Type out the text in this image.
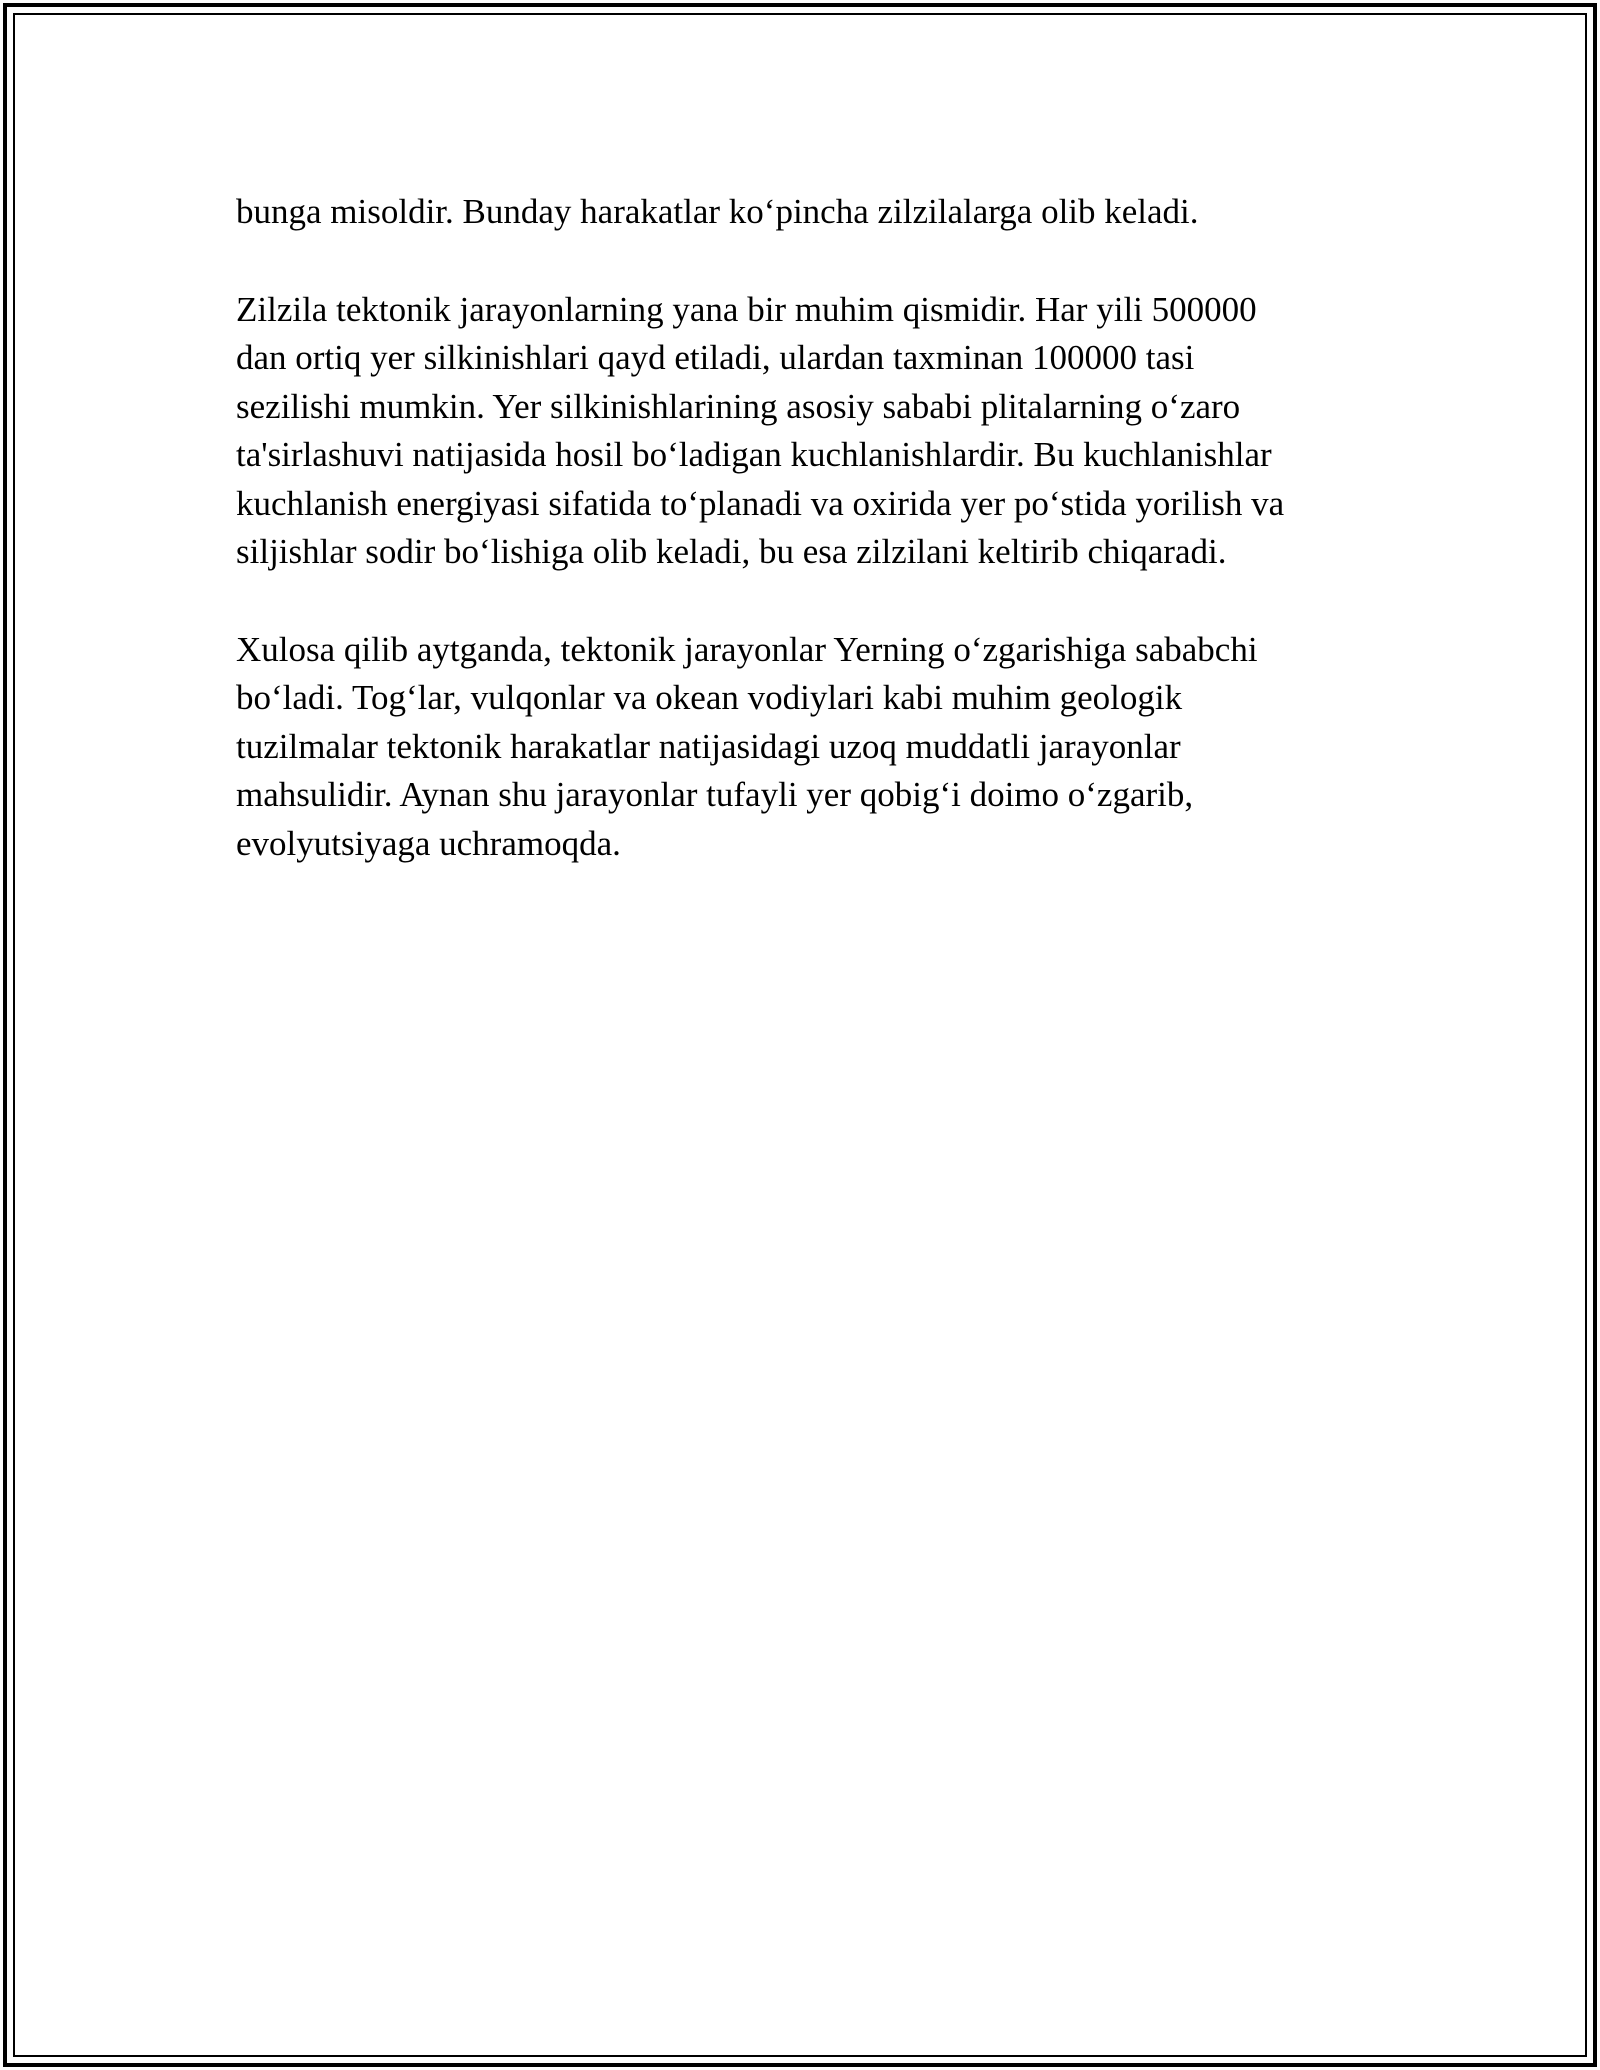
bunga misoldir. Bunday harakatlar ko‘pincha zilzilalarga olib keladi.

Zilzila tektonik jarayonlarning yana bir muhim qismidir. Har yili 500000
dan ortiq yer silkinishlari qayd etiladi, ulardan taxminan 100000 tasi
sezilishi mumkin. Yer silkinishlarining asosiy sababi plitalarning o‘zaro
ta'sirlashuvi natijasida hosil bo‘ladigan kuchlanishlardir. Bu kuchlanishlar
kuchlanish energiyasi sifatida to‘planadi va oxirida yer po‘stida yorilish va
siljishlar sodir bo‘lishiga olib keladi, bu esa zilzilani keltirib chiqaradi.

Xulosa qilib aytganda, tektonik jarayonlar Yerning o‘zgarishiga sababchi
bo‘ladi. Tog‘lar, vulqonlar va okean vodiylari kabi muhim geologik
tuzilmalar tektonik harakatlar natijasidagi uzoq muddatli jarayonlar
mahsulidir. Aynan shu jarayonlar tufayli yer qobig‘i doimo o‘zgarib,
evolyutsiyaga uchramoqda.
